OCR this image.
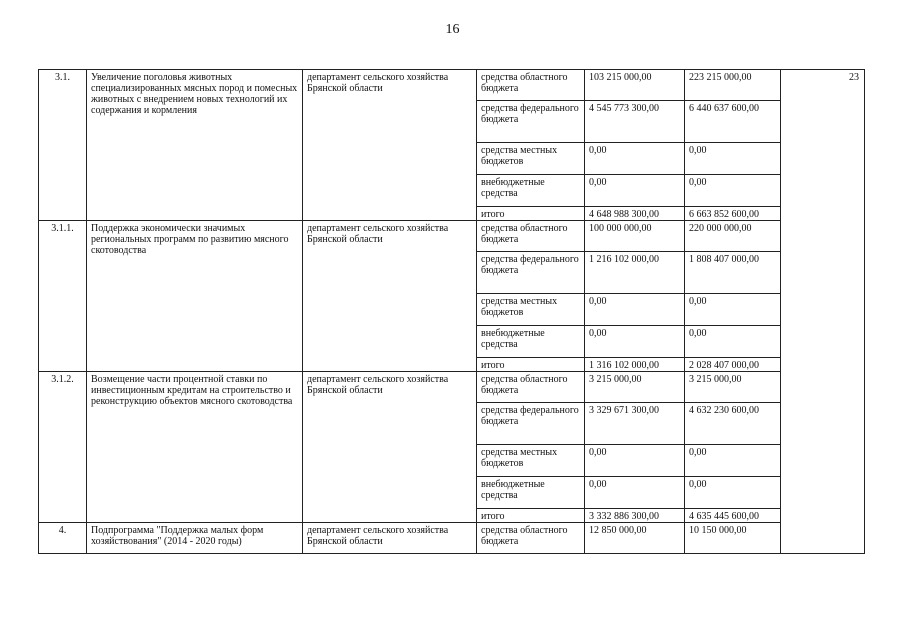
16
3.1.	Увеличение поголовья животных специализированных мясных пород и помесных животных с внедрением новых технологий их содержания и кормления	департамент сельского хозяйства Брянской области	средства областного бюджета	103 215 000,00	223 215 000,00	23
			средства федерального бюджета	4 545 773 300,00	6 440 637 600,00	
			средства местных бюджетов	0,00	0,00	
			внебюджетные средства	0,00	0,00	
			итого	4 648 988 300,00	6 663 852 600,00	
3.1.1.	Поддержка экономически значимых региональных программ по развитию мясного скотоводства	департамент сельского хозяйства Брянской области	средства областного бюджета	100 000 000,00	220 000 000,00	
			средства федерального бюджета	1 216 102 000,00	1 808 407 000,00	
			средства местных бюджетов	0,00	0,00	
			внебюджетные средства	0,00	0,00	
			итого	1 316 102 000,00	2 028 407 000,00	
3.1.2.	Возмещение части процентной ставки по инвестиционным кредитам на строительство и реконструкцию объектов мясного скотоводства	департамент сельского хозяйства Брянской области	средства областного бюджета	3 215 000,00	3 215 000,00	
			средства федерального бюджета	3 329 671 300,00	4 632 230 600,00	
			средства местных бюджетов	0,00	0,00	
			внебюджетные средства	0,00	0,00	
			итого	3 332 886 300,00	4 635 445 600,00	
4.	Подпрограмма "Поддержка малых форм хозяйствования" (2014 - 2020 годы)	департамент сельского хозяйства Брянской области	средства областного бюджета	12 850 000,00	10 150 000,00	
